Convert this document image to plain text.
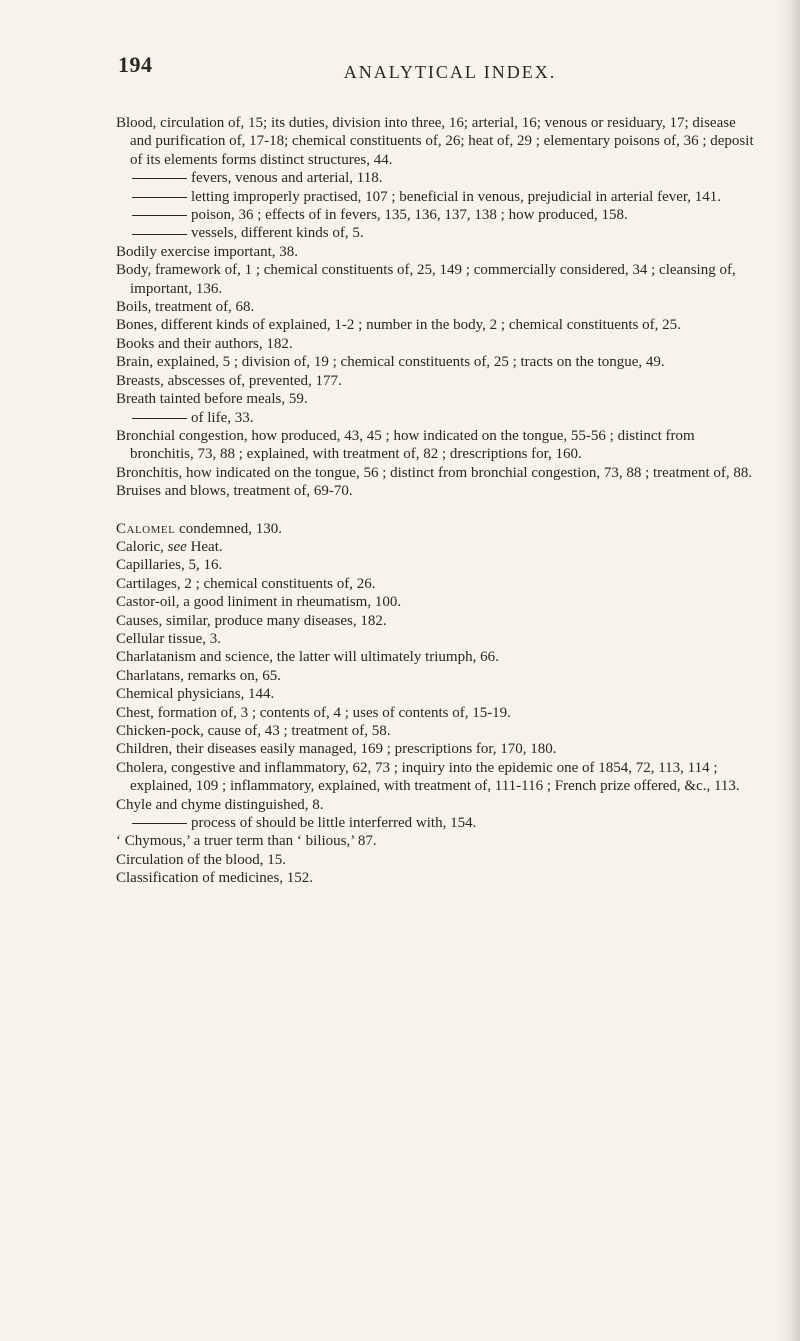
194	ANALYTICAL INDEX.

Blood, circulation of, 15; its duties, division into three, 16; arterial, 16; venous or residuary, 17; disease and purification of, 17-18; chemical constituents of, 26; heat of, 29 ; elementary poisons of, 36 ; deposit of its elements forms distinct structures, 44.

fevers, venous and arterial, 118.

letting improperly practised, 107 ; beneficial in venous, prejudicial in arterial fever, 141.

poison, 36 ; effects of in fevers, 135, 136, 137, 138 ; how produced, 158.

vessels, different kinds of, 5.

Bodily exercise important, 38.

Body, framework of, 1 ; chemical constituents of, 25, 149 ; commercially considered, 34 ; cleansing of, important, 136.

Boils, treatment of, 68.

Bones, different kinds of explained, 1-2 ; number in the body, 2 ; chemical constituents of, 25.

Books and their authors, 182.

Brain, explained, 5 ; division of, 19 ; chemical constituents of, 25 ; tracts on the tongue, 49.

Breasts, abscesses of, prevented, 177.

Breath tainted before meals, 59.

of life, 33.

Bronchial congestion, how produced, 43, 45 ; how indicated on the tongue, 55-56 ; distinct from bronchitis, 73, 88 ; explained, with treatment of, 82 ; drescriptions for, 160.

Bronchitis, how indicated on the tongue, 56 ; distinct from bronchial congestion, 73, 88 ; treatment of, 88.

Bruises and blows, treatment of, 69-70.

Calomel condemned, 130.

Caloric, see Heat.

Capillaries, 5, 16.

Cartilages, 2 ; chemical constituents of, 26.

Castor-oil, a good liniment in rheumatism, 100.

Causes, similar, produce many diseases, 182.

Cellular tissue, 3.

Charlatanism and science, the latter will ultimately triumph, 66.

Charlatans, remarks on, 65.

Chemical physicians, 144.

Chest, formation of, 3 ; contents of, 4 ; uses of contents of, 15-19.

Chicken-pock, cause of, 43 ; treatment of, 58.

Children, their diseases easily managed, 169 ; prescriptions for, 170, 180.

Cholera, congestive and inflammatory, 62, 73 ; inquiry into the epidemic one of 1854, 72, 113, 114 ; explained, 109 ; inflammatory, explained, with treatment of, 111-116 ; French prize offered, &c., 113.

Chyle and chyme distinguished, 8.

process of should be little interferred with, 154.

‘ Chymous,’ a truer term than ‘ bilious,’ 87.

Circulation of the blood, 15.

Classification of medicines, 152.
